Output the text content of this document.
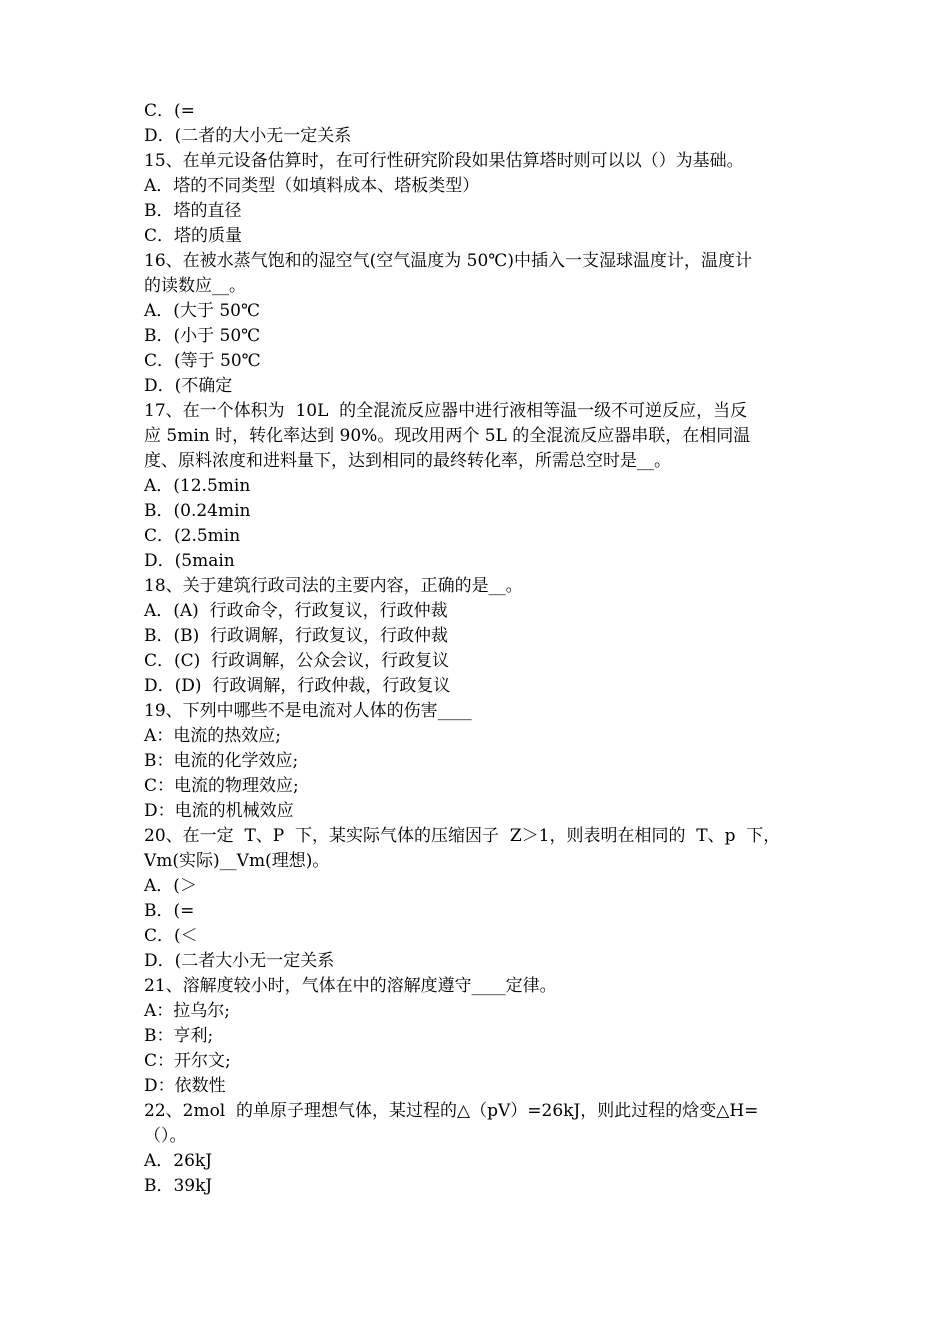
C．(=
D．(二者的大小无一定关系
15、在单元设备估算时，在可行性研究阶段如果估算塔时则可以以（）为基础。
A．塔的不同类型（如填料成本、塔板类型）
B．塔的直径
C．塔的质量
16、在被水蒸气饱和的湿空气(空气温度为 50℃)中插入一支湿球温度计，温度计
的读数应__。
A．(大于 50℃
B．(小于 50℃
C．(等于 50℃
D．(不确定
17、在一个体积为  10L  的全混流反应器中进行液相等温一级不可逆反应，当反
应 5min 时，转化率达到 90%。现改用两个 5L 的全混流反应器串联，在相同温
度、原料浓度和进料量下，达到相同的最终转化率，所需总空时是__。
A．(12.5min
B．(0.24min
C．(2.5min
D．(5main
18、关于建筑行政司法的主要内容，正确的是__。
A．(A)  行政命令，行政复议，行政仲裁
B．(B)  行政调解，行政复议，行政仲裁
C．(C)  行政调解，公众会议，行政复议
D．(D)  行政调解，行政仲裁，行政复议
19、下列中哪些不是电流对人体的伤害____
A：电流的热效应;
B：电流的化学效应;
C：电流的物理效应;
D：电流的机械效应
20、在一定  T、P  下，某实际气体的压缩因子  Z＞1，则表明在相同的  T、p  下，
Vm(实际)__Vm(理想)。
A．(＞
B．(=
C．(＜
D．(二者大小无一定关系
21、溶解度较小时，气体在中的溶解度遵守____定律。
A：拉乌尔;
B：亨利;
C：开尔文;
D：依数性
22、2mol  的单原子理想气体，某过程的△（pV）=26kJ，则此过程的焓变△H=
（）。
A．26kJ
B．39kJ
